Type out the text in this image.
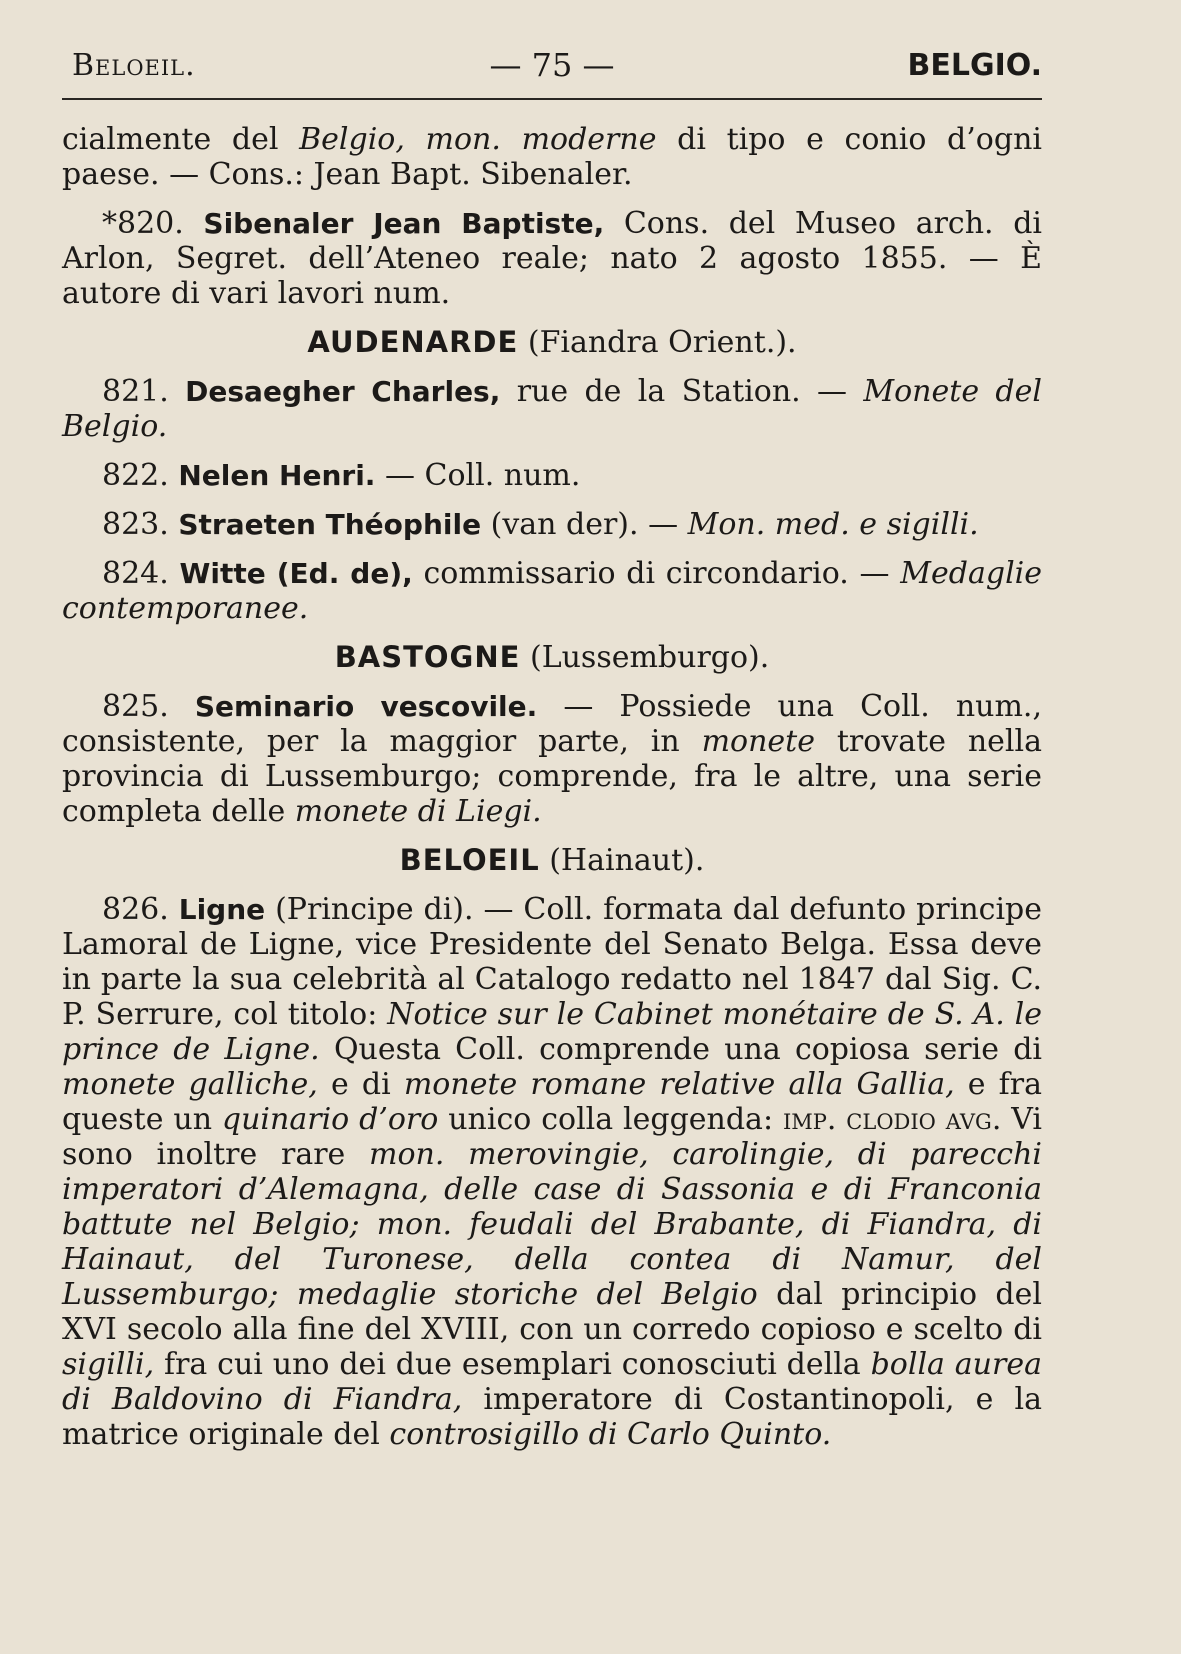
Beloeil.	— 75 —	BELGIO.

cialmente del Belgio, mon. moderne di tipo e conio d’ogni paese. — Cons.: Jean Bapt. Sibenaler.

*820. Sibenaler Jean Baptiste, Cons. del Museo arch. di Arlon, Segret. dell’Ateneo reale; nato 2 agosto 1855. — È autore di vari lavori num.

AUDENARDE (Fiandra Orient.).

821. Desaegher Charles, rue de la Station. — Monete del Belgio.

822. Nelen Henri. — Coll. num.

823. Straeten Théophile (van der). — Mon. med. e sigilli.

824. Witte (Ed. de), commissario di circondario. — Medaglie contemporanee.

BASTOGNE (Lussemburgo).

825. Seminario vescovile. — Possiede una Coll. num., consistente, per la maggior parte, in monete trovate nella provincia di Lussemburgo; comprende, fra le altre, una serie completa delle monete di Liegi.

BELOEIL (Hainaut).

826. Ligne (Principe di). — Coll. formata dal defunto principe Lamoral de Ligne, vice Presidente del Senato Belga. Essa deve in parte la sua celebrità al Catalogo redatto nel 1847 dal Sig. C. P. Serrure, col titolo: Notice sur le Cabinet monétaire de S. A. le prince de Ligne. Questa Coll. comprende una copiosa serie di monete galliche, e di monete romane relative alla Gallia, e fra queste un quinario d’oro unico colla leggenda: imp. clodio avg. Vi sono inoltre rare mon. merovingie, carolingie, di parecchi imperatori d’Alemagna, delle case di Sassonia e di Franconia battute nel Belgio; mon. feudali del Brabante, di Fiandra, di Hainaut, del Turonese, della contea di Namur, del Lussemburgo; medaglie storiche del Belgio dal principio del XVI secolo alla fine del XVIII, con un corredo copioso e scelto di sigilli, fra cui uno dei due esemplari conosciuti della bolla aurea di Baldovino di Fiandra, imperatore di Costantinopoli, e la matrice originale del controsigillo di Carlo Quinto.
